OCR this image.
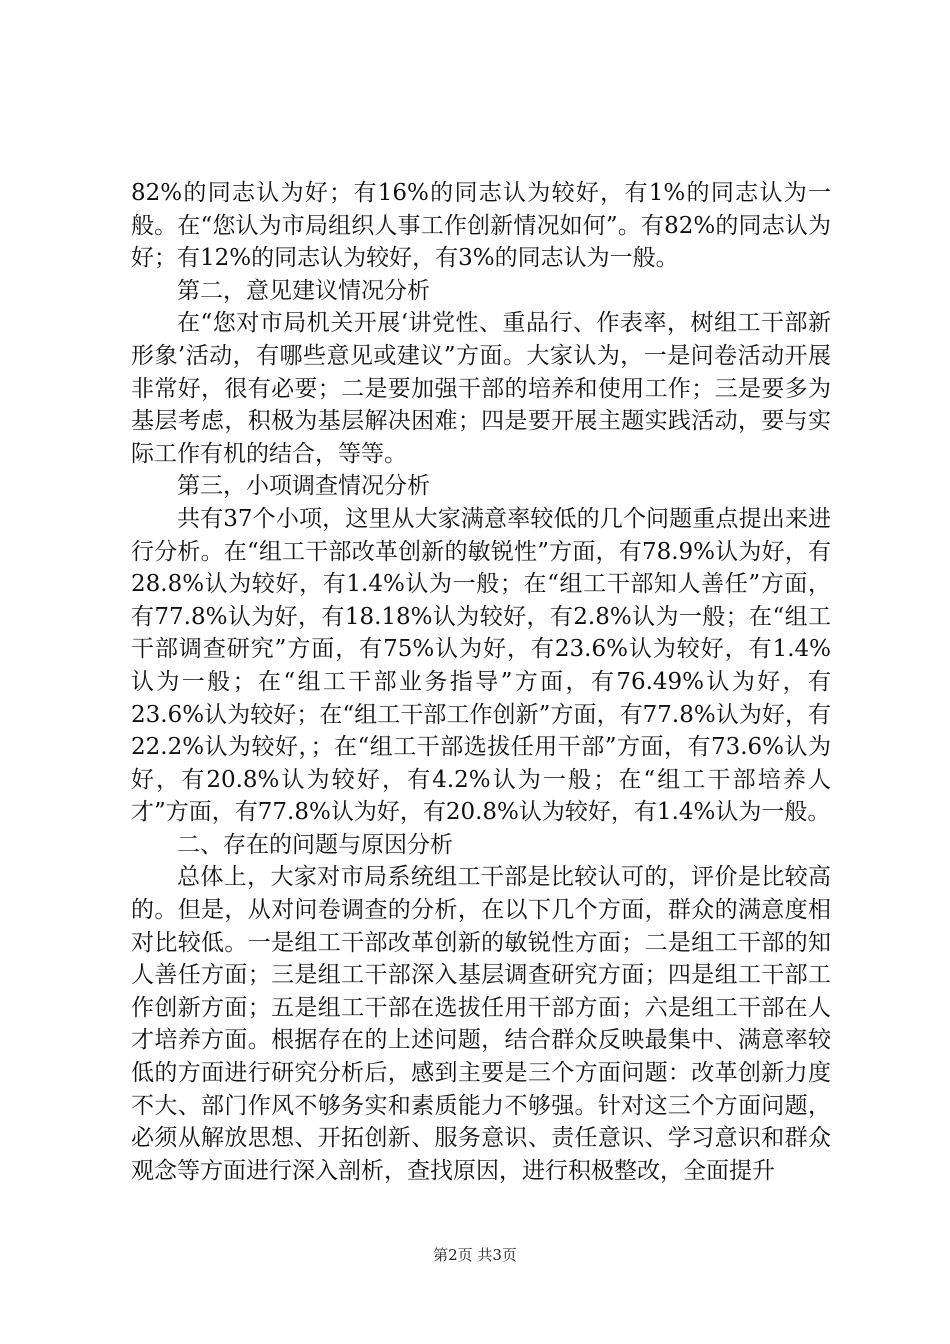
82%的同志认为好；有16%的同志认为较好，有1%的同志认为一般。在“您认为市局组织人事工作创新情况如何”。有82%的同志认为好；有12%的同志认为较好，有3%的同志认为一般。

第二，意见建议情况分析

在“您对市局机关开展‘讲党性、重品行、作表率，树组工干部新形象’活动，有哪些意见或建议”方面。大家认为，一是问卷活动开展非常好，很有必要；二是要加强干部的培养和使用工作；三是要多为基层考虑，积极为基层解决困难；四是要开展主题实践活动，要与实际工作有机的结合，等等。

第三，小项调查情况分析

共有37个小项，这里从大家满意率较低的几个问题重点提出来进行分析。在“组工干部改革创新的敏锐性”方面，有78.9%认为好，有28.8%认为较好，有1.4%认为一般；在“组工干部知人善任”方面，有77.8%认为好，有18.18%认为较好，有2.8%认为一般；在“组工干部调查研究”方面，有75%认为好，有23.6%认为较好，有1.4%认为一般；在“组工干部业务指导”方面，有76.49%认为好，有23.6%认为较好；在“组工干部工作创新”方面，有77.8%认为好，有22.2%认为较好，；在“组工干部选拔任用干部”方面，有73.6%认为好，有20.8%认为较好，有4.2%认为一般；在“组工干部培养人才”方面，有77.8%认为好，有20.8%认为较好，有1.4%认为一般。

二、存在的问题与原因分析

总体上，大家对市局系统组工干部是比较认可的，评价是比较高的。但是，从对问卷调查的分析，在以下几个方面，群众的满意度相对比较低。一是组工干部改革创新的敏锐性方面；二是组工干部的知人善任方面；三是组工干部深入基层调查研究方面；四是组工干部工作创新方面；五是组工干部在选拔任用干部方面；六是组工干部在人才培养方面。根据存在的上述问题，结合群众反映最集中、满意率较低的方面进行研究分析后，感到主要是三个方面问题：改革创新力度不大、部门作风不够务实和素质能力不够强。针对这三个方面问题，必须从解放思想、开拓创新、服务意识、责任意识、学习意识和群众观念等方面进行深入剖析，查找原因，进行积极整改，全面提升

第2页 共3页
